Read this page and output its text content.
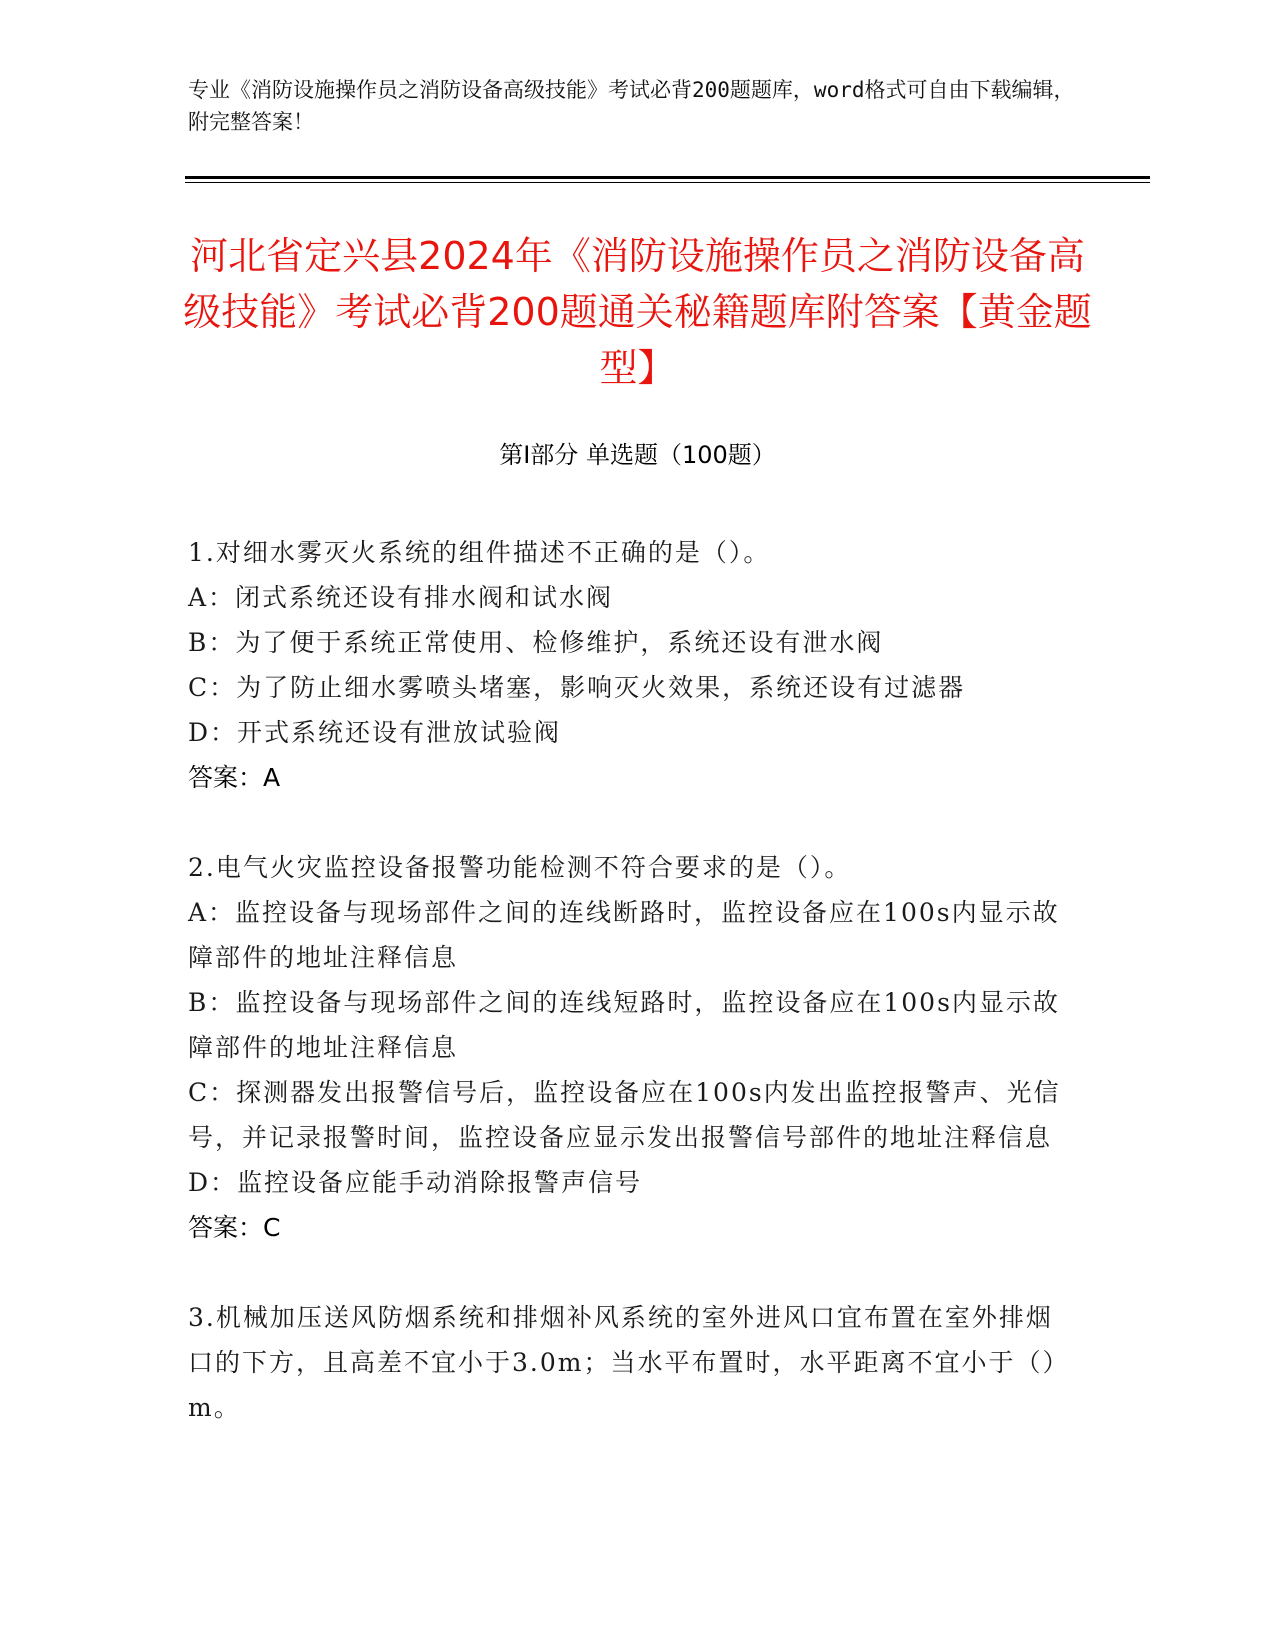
专业《消防设施操作员之消防设备高级技能》考试必背200题题库，word格式可自由下载编辑，附完整答案！
河北省定兴县2024年《消防设施操作员之消防设备高级技能》考试必背200题通关秘籍题库附答案【黄金题型】
第I部分 单选题（100题）
1.对细水雾灭火系统的组件描述不正确的是（）。
A：闭式系统还设有排水阀和试水阀
B：为了便于系统正常使用、检修维护，系统还设有泄水阀
C：为了防止细水雾喷头堵塞，影响灭火效果，系统还设有过滤器
D：开式系统还设有泄放试验阀
答案：A
2.电气火灾监控设备报警功能检测不符合要求的是（）。
A：监控设备与现场部件之间的连线断路时，监控设备应在100s内显示故障部件的地址注释信息
B：监控设备与现场部件之间的连线短路时，监控设备应在100s内显示故障部件的地址注释信息
C：探测器发出报警信号后，监控设备应在100s内发出监控报警声、光信号，并记录报警时间，监控设备应显示发出报警信号部件的地址注释信息
D：监控设备应能手动消除报警声信号
答案：C
3.机械加压送风防烟系统和排烟补风系统的室外进风口宜布置在室外排烟口的下方，且高差不宜小于3.0m；当水平布置时，水平距离不宜小于（）m。
